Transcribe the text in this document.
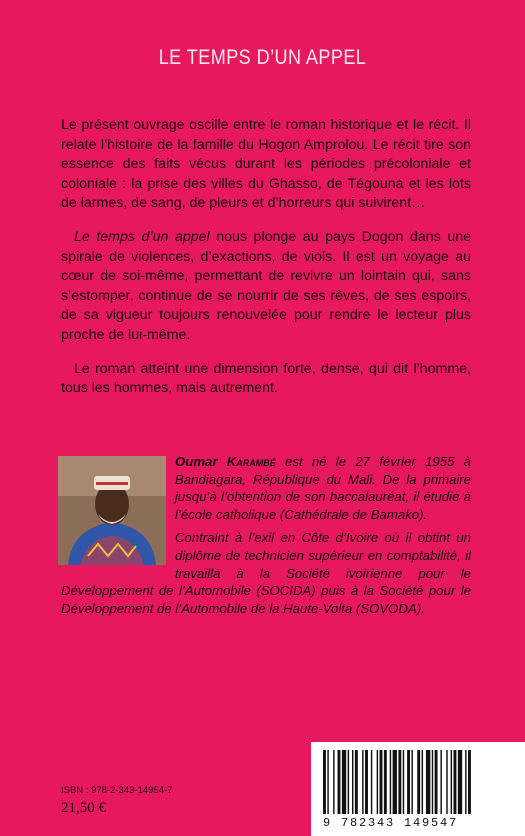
LE TEMPS D’UN APPEL

Le présent ouvrage oscille entre le roman historique et le récit. Il relate l’histoire de la famille du Hogon Amprolou. Le récit tire son essence des faits vécus durant les périodes précoloniale et coloniale : la prise des villes du Ghasso, de Tégouna et les lots de larmes, de sang, de pleurs et d’horreurs qui suivirent…

Le temps d’un appel nous plonge au pays Dogon dans une spirale de violences, d’exactions, de viols. Il est un voyage au cœur de soi-même, permettant de revivre un lointain qui, sans s’estomper, continue de se nourrir de ses rêves, de ses espoirs, de sa vigueur toujours renouvelée pour rendre le lecteur plus proche de lui-même.

Le roman atteint une dimension forte, dense, qui dit l’homme, tous les hommes, mais autrement.

Oumar Karambé est né le 27 février 1955 à Bandiagara, République du Mali. De la primaire jusqu’à l’obtention de son baccalauréat, il étudie à l’école catholique (Cathédrale de Bamako).

Contraint à l’exil en Côte d’Ivoire où il obtint un diplôme de technicien supérieur en comptabilité, il travailla à la Société ivoirienne pour le Développement de l’Automobile (SOCIDA) puis à la Société pour le Développement de l’Automobile de la Haute-Volta (SOVODA).

ISBN : 978-2-343-14954-7
21,50 €
9 782343 149547
